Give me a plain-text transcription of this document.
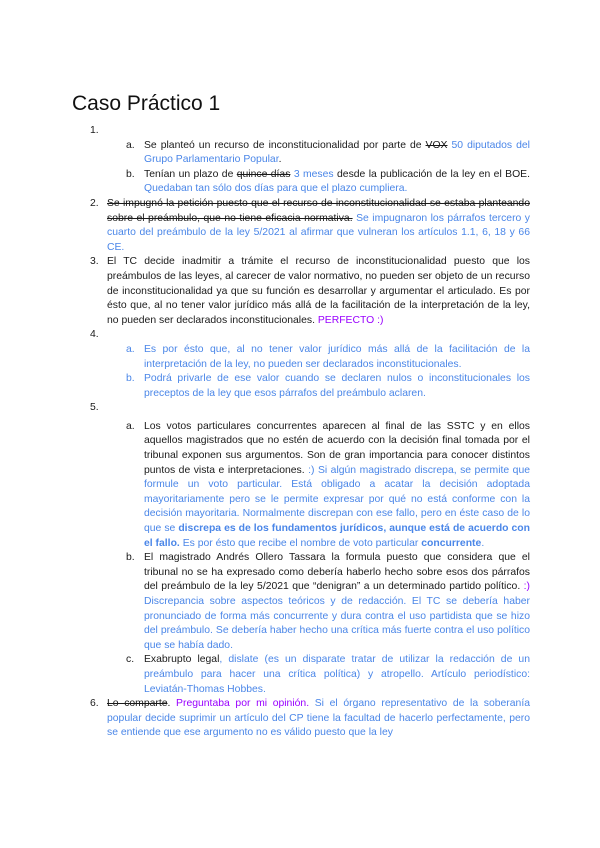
Caso Práctico 1
1.

a. Se planteó un recurso de inconstitucionalidad por parte de VOX 50 diputados del Grupo Parlamentario Popular.
b. Tenían un plazo de quince días 3 meses desde la publicación de la ley en el BOE. Quedaban tan sólo dos días para que el plazo cumpliera.
2. Se impugnó la petición puesto que el recurso de inconstitucionalidad se estaba planteando sobre el preámbulo, que no tiene eficacia normativa. Se impugnaron los párrafos tercero y cuarto del preámbulo de la ley 5/2021 al afirmar que vulneran los artículos 1.1, 6, 18 y 66 CE.
3. El TC decide inadmitir a trámite el recurso de inconstitucionalidad puesto que los preámbulos de las leyes, al carecer de valor normativo, no pueden ser objeto de un recurso de inconstitucionalidad ya que su función es desarrollar y argumentar el articulado. Es por ésto que, al no tener valor jurídico más allá de la facilitación de la interpretación de la ley, no pueden ser declarados inconstitucionales. PERFECTO :)
4.

a. Es por ésto que, al no tener valor jurídico más allá de la facilitación de la interpretación de la ley, no pueden ser declarados inconstitucionales.
b. Podrá privarle de ese valor cuando se declaren nulos o inconstitucionales los preceptos de la ley que esos párrafos del preámbulo aclaren.
5.

a. Los votos particulares concurrentes aparecen al final de las SSTC y en ellos aquellos magistrados que no estén de acuerdo con la decisión final tomada por el tribunal exponen sus argumentos. Son de gran importancia para conocer distintos puntos de vista e interpretaciones. :) Si algún magistrado discrepa, se permite que formule un voto particular. Está obligado a acatar la decisión adoptada mayoritariamente pero se le permite expresar por qué no está conforme con la decisión mayoritaria. Normalmente discrepan con ese fallo, pero en éste caso de lo que se discrepa es de los fundamentos jurídicos, aunque está de acuerdo con el fallo. Es por ésto que recibe el nombre de voto particular concurrente.
b. El magistrado Andrés Ollero Tassara la formula puesto que considera que el tribunal no se ha expresado como debería haberlo hecho sobre esos dos párrafos del preámbulo de la ley 5/2021 que “denigran” a un determinado partido político. :) Discrepancia sobre aspectos teóricos y de redacción. El TC se debería haber pronunciado de forma más concurrente y dura contra el uso partidista que se hizo del preámbulo. Se debería haber hecho una crítica más fuerte contra el uso político que se había dado.
c. Exabrupto legal, dislate (es un disparate tratar de utilizar la redacción de un preámbulo para hacer una crítica política) y atropello. Artículo periodístico: Leviatán-Thomas Hobbes.
6. Lo comparte. Preguntaba por mi opinión. Si el órgano representativo de la soberanía popular decide suprimir un artículo del CP tiene la facultad de hacerlo perfectamente, pero se entiende que ese argumento no es válido puesto que la ley
